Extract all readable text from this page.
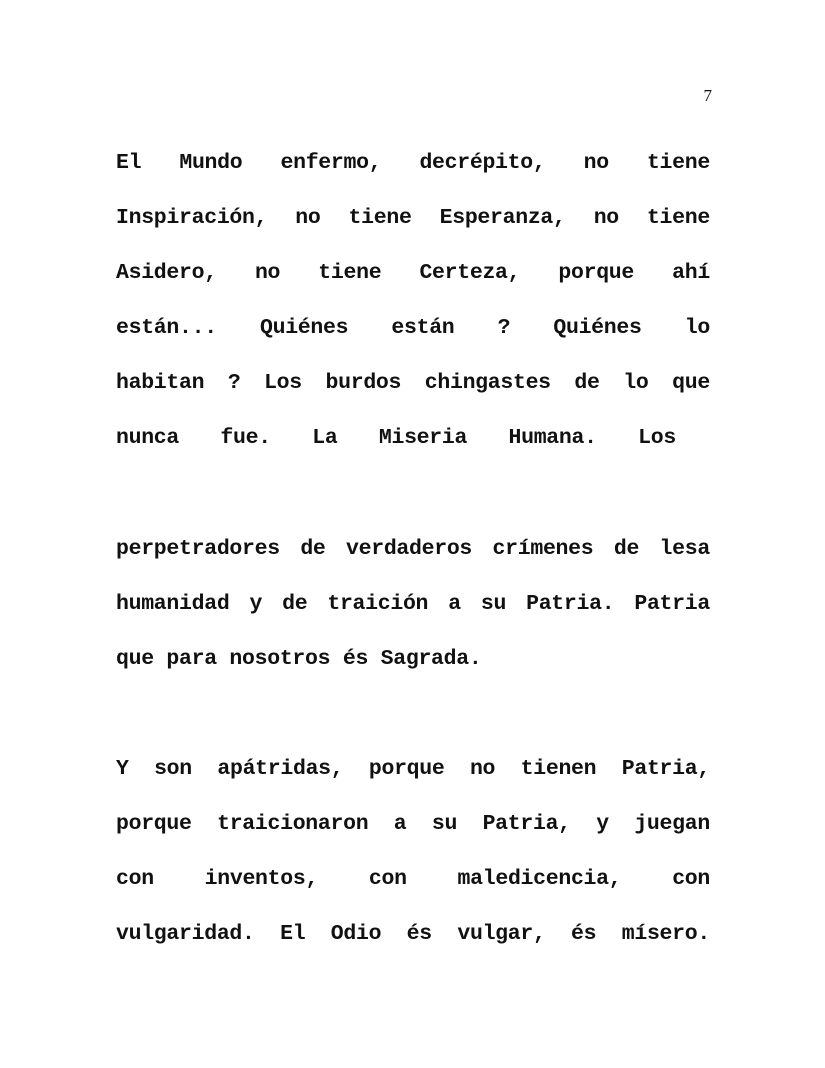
7
El Mundo enfermo, decrépito, no tiene
Inspiración, no tiene Esperanza, no tiene
Asidero, no tiene Certeza, porque ahí
están... Quiénes están ? Quiénes lo
habitan ? Los burdos chingastes de lo que
nunca fue. La Miseria Humana. Los
perpetradores de verdaderos crímenes de lesa
humanidad y de traición a su Patria. Patria
que para nosotros és Sagrada.
Y son apátridas, porque no tienen Patria,
porque traicionaron a su Patria, y juegan
con inventos, con maledicencia, con
vulgaridad. El Odio és vulgar, és mísero.
